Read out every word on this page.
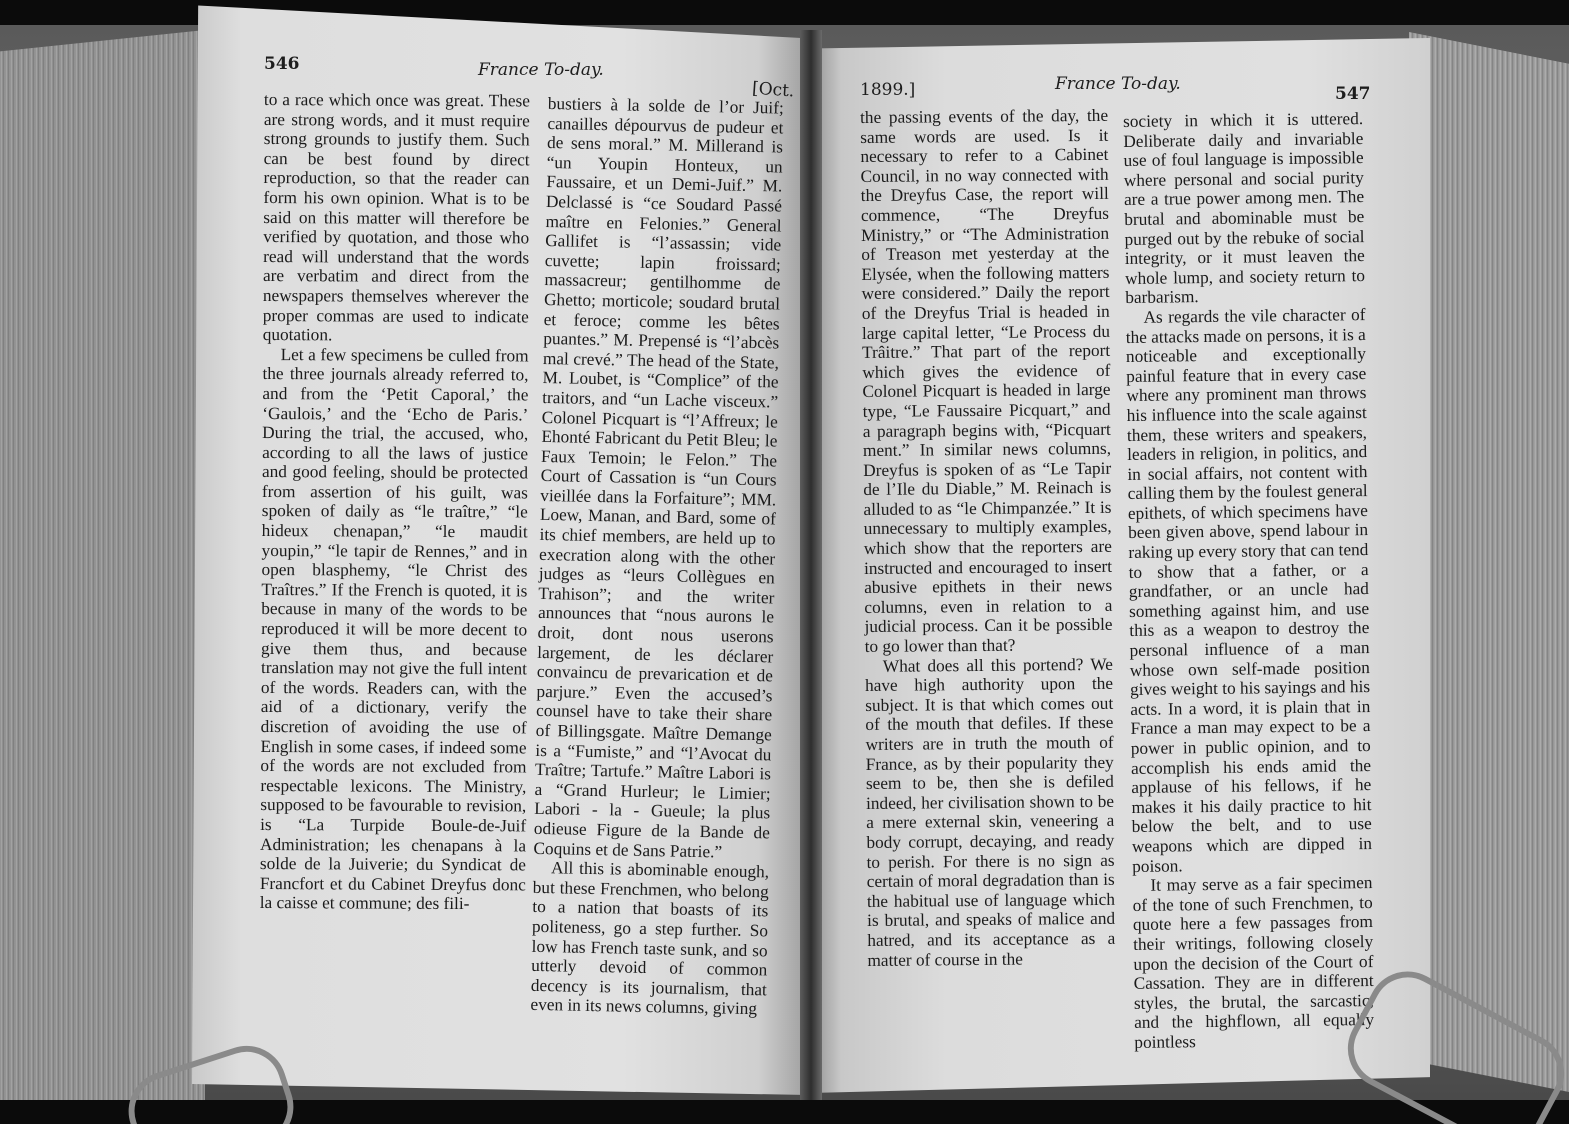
546	France To-day.
[Oct.	1899.]	France To-day.	547

to a race which once was great. These are strong words, and it must require strong grounds to justify them. Such can be best found by direct reproduction, so that the reader can form his own opinion. What is to be said on this matter will therefore be verified by quotation, and those who read will understand that the words are verbatim and direct from the newspapers themselves wherever the proper commas are used to indicate quotation.

Let a few specimens be culled from the three journals already referred to, and from the ‘Petit Caporal,’ the ‘Gaulois,’ and the ‘Echo de Paris.’ During the trial, the accused, who, according to all the laws of justice and good feeling, should be protected from assertion of his guilt, was spoken of daily as “le traître,” “le hideux chenapan,” “le maudit youpin,” “le tapir de Rennes,” and in open blasphemy, “le Christ des Traîtres.” If the French is quoted, it is because in many of the words to be reproduced it will be more decent to give them thus, and because translation may not give the full intent of the words. Readers can, with the aid of a dictionary, verify the discretion of avoiding the use of English in some cases, if indeed some of the words are not excluded from respectable lexicons. The Ministry, supposed to be favourable to revision, is “La Turpide Boule-de-Juif Administration; les chenapans à la solde de la Juiverie; du Syndicat de Francfort et du Cabinet Dreyfus donc la caisse et commune; des fili-

bustiers à la solde de l’or Juif; canailles dépourvus de pudeur et de sens moral.” M. Millerand is “un Youpin Honteux, un Faussaire, et un Demi-Juif.” M. Delclassé is “ce Soudard Passé maître en Felonies.” General Gallifet is “l’assassin; vide cuvette; lapin froissard; massacreur; gentilhomme de Ghetto; morticole; soudard brutal et feroce; comme les bêtes puantes.” M. Prepensé is “l’abcès mal crevé.” The head of the State, M. Loubet, is “Complice” of the traitors, and “un Lache visceux.” Colonel Picquart is “l’Affreux; le Ehonté Fabricant du Petit Bleu; le Faux Temoin; le Felon.” The Court of Cassation is “un Cours vieillée dans la Forfaiture”; MM. Loew, Manan, and Bard, some of its chief members, are held up to execration along with the other judges as “leurs Collègues en Trahison”; and the writer announces that “nous aurons le droit, dont nous userons largement, de les déclarer convaincu de prevarication et de parjure.” Even the accused’s counsel have to take their share of Billingsgate. Maître Demange is a “Fumiste,” and “l’Avocat du Traître; Tartufe.” Maître Labori is a “Grand Hurleur; le Limier; Labori - la - Gueule; la plus odieuse Figure de la Bande de Coquins et de Sans Patrie.”

All this is abominable enough, but these Frenchmen, who belong to a nation that boasts of its politeness, go a step further. So low has French taste sunk, and so utterly devoid of common decency is its journalism, that even in its news columns, giving

the passing events of the day, the same words are used. Is it necessary to refer to a Cabinet Council, in no way connected with the Dreyfus Case, the report will commence, “The Dreyfus Ministry,” or “The Administration of Treason met yesterday at the Elysée, when the following matters were considered.” Daily the report of the Dreyfus Trial is headed in large capital letter, “Le Process du Trâitre.” That part of the report which gives the evidence of Colonel Picquart is headed in large type, “Le Faussaire Picquart,” and a paragraph begins with, “Picquart ment.” In similar news columns, Dreyfus is spoken of as “Le Tapir de l’Ile du Diable,” M. Reinach is alluded to as “le Chimpanzée.” It is unnecessary to multiply examples, which show that the reporters are instructed and encouraged to insert abusive epithets in their news columns, even in relation to a judicial process. Can it be possible to go lower than that?

What does all this portend? We have high authority upon the subject. It is that which comes out of the mouth that defiles. If these writers are in truth the mouth of France, as by their popularity they seem to be, then she is defiled indeed, her civilisation shown to be a mere external skin, veneering a body corrupt, decaying, and ready to perish. For there is no sign as certain of moral degradation than is the habitual use of language which is brutal, and speaks of malice and hatred, and its acceptance as a matter of course in the

society in which it is uttered. Deliberate daily and invariable use of foul language is impossible where personal and social purity are a true power among men. The brutal and abominable must be purged out by the rebuke of social integrity, or it must leaven the whole lump, and society return to barbarism.

As regards the vile character of the attacks made on persons, it is a noticeable and exceptionally painful feature that in every case where any prominent man throws his influence into the scale against them, these writers and speakers, leaders in religion, in politics, and in social affairs, not content with calling them by the foulest general epithets, of which specimens have been given above, spend labour in raking up every story that can tend to show that a father, or a grandfather, or an uncle had something against him, and use this as a weapon to destroy the personal influence of a man whose own self-made position gives weight to his sayings and his acts. In a word, it is plain that in France a man may expect to be a power in public opinion, and to accomplish his ends amid the applause of his fellows, if he makes it his daily practice to hit below the belt, and to use weapons which are dipped in poison.

It may serve as a fair specimen of the tone of such Frenchmen, to quote here a few passages from their writings, following closely upon the decision of the Court of Cassation. They are in different styles, the brutal, the sarcastic, and the highflown, all equally pointless
